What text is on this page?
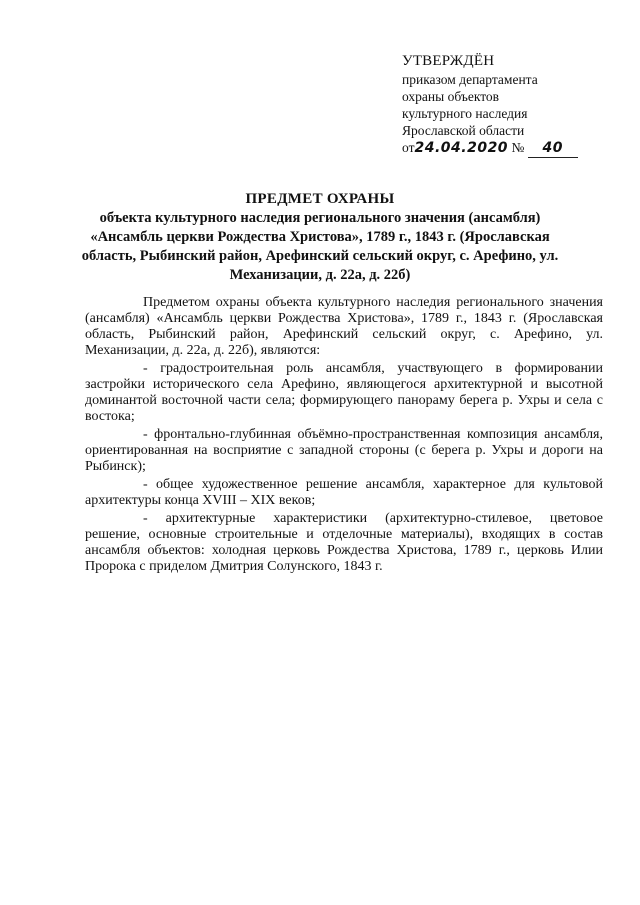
УТВЕРЖДЁН
приказом департамента
охраны объектов
культурного наследия
Ярославской области
от24.04.2020 № 40
ПРЕДМЕТ ОХРАНЫ
объекта культурного наследия регионального значения (ансамбля) «Ансамбль церкви Рождества Христова», 1789 г., 1843 г. (Ярославская область, Рыбинский район, Арефинский сельский округ, с. Арефино, ул. Механизации, д. 22а, д. 22б)

Предметом охраны объекта культурного наследия регионального значения (ансамбля) «Ансамбль церкви Рождества Христова», 1789 г., 1843 г. (Ярославская область, Рыбинский район, Арефинский сельский округ, с. Арефино, ул. Механизации, д. 22а, д. 22б), являются:

- градостроительная роль ансамбля, участвующего в формировании застройки исторического села Арефино, являющегося архитектурной и высотной доминантой восточной части села; формирующего панораму берега р. Ухры и села с востока;

- фронтально-глубинная объёмно-пространственная композиция ансамбля, ориентированная на восприятие с западной стороны (с берега р. Ухры и дороги на Рыбинск);

- общее художественное решение ансамбля, характерное для культовой архитектуры конца XVIII – XIX веков;

- архитектурные характеристики (архитектурно-стилевое, цветовое решение, основные строительные и отделочные материалы), входящих в состав ансамбля объектов: холодная церковь Рождества Христова, 1789 г., церковь Илии Пророка с приделом Дмитрия Солунского, 1843 г.
